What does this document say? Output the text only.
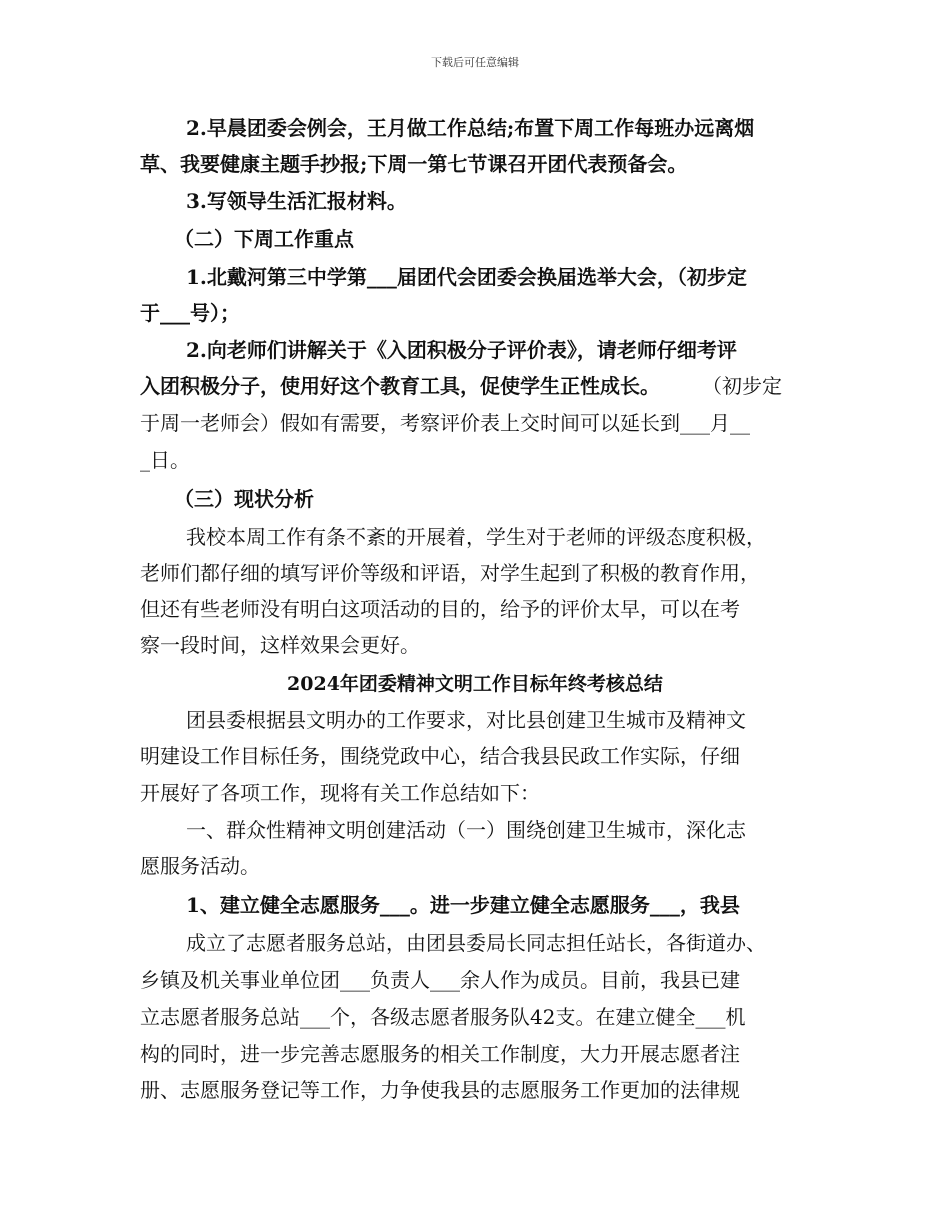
下载后可任意编辑
2.早晨团委会例会，王月做工作总结;布置下周工作每班办远离烟
草、我要健康主题手抄报;下周一第七节课召开团代表预备会。
3.写领导生活汇报材料。
（二）下周工作重点
1.北戴河第三中学第___届团代会团委会换届选举大会，（初步定
于___号）；
2.向老师们讲解关于《入团积极分子评价表》，请老师仔细考评
入团积极分子，使用好这个教育工具，促使学生正性成长。 （初步定
于周一老师会）假如有需要，考察评价表上交时间可以延长到___月__
_日。
（三）现状分析
我校本周工作有条不紊的开展着，学生对于老师的评级态度积极，
老师们都仔细的填写评价等级和评语，对学生起到了积极的教育作用，
但还有些老师没有明白这项活动的目的，给予的评价太早，可以在考
察一段时间，这样效果会更好。
2024年团委精神文明工作目标年终考核总结
团县委根据县文明办的工作要求，对比县创建卫生城市及精神文
明建设工作目标任务，围绕党政中心，结合我县民政工作实际，仔细
开展好了各项工作，现将有关工作总结如下：
一、群众性精神文明创建活动（一）围绕创建卫生城市，深化志
愿服务活动。
1、建立健全志愿服务___。进一步建立健全志愿服务___，我县
成立了志愿者服务总站，由团县委局长同志担任站长，各街道办、
乡镇及机关事业单位团___负责人___余人作为成员。目前，我县已建
立志愿者服务总站___个，各级志愿者服务队42支。在建立健全___机
构的同时，进一步完善志愿服务的相关工作制度，大力开展志愿者注
册、志愿服务登记等工作，力争使我县的志愿服务工作更加的法律规
